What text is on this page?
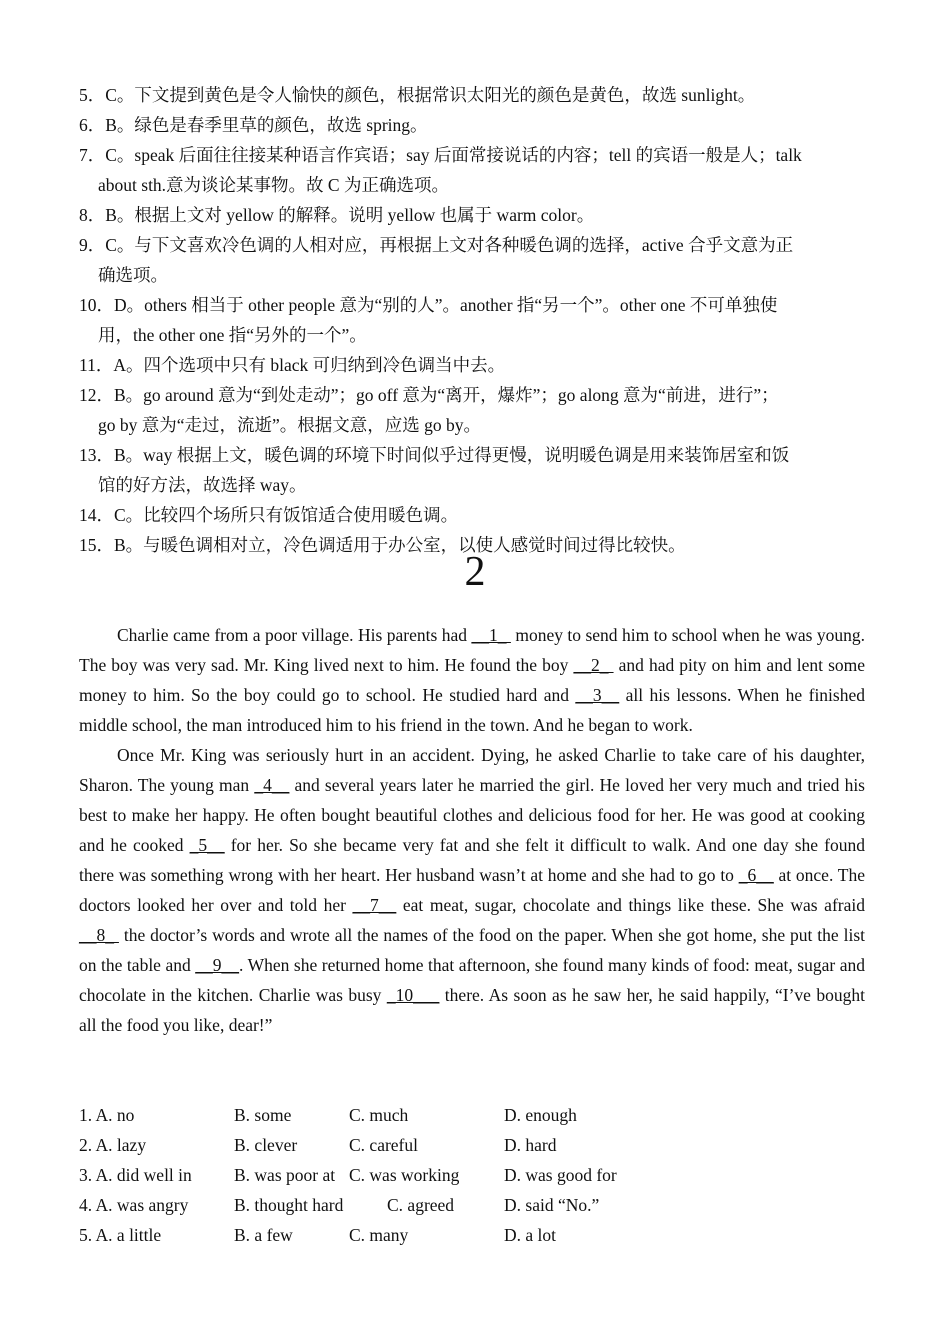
5．C。下文提到黄色是令人愉快的颜色，根据常识太阳光的颜色是黄色，故选 sunlight。
6．B。绿色是春季里草的颜色，故选 spring。
7．C。speak 后面往往接某种语言作宾语；say 后面常接说话的内容；tell 的宾语一般是人；talk
about sth.意为谈论某事物。故 C 为正确选项。
8．B。根据上文对 yellow 的解释。说明 yellow 也属于 warm color。
9．C。与下文喜欢冷色调的人相对应，再根据上文对各种暖色调的选择，active 合乎文意为正
确选项。
10．D。others 相当于 other people 意为“别的人”。another 指“另一个”。other one 不可单独使
用，the other one 指“另外的一个”。
11．A。四个选项中只有 black 可归纳到冷色调当中去。
12．B。go around 意为“到处走动”；go off 意为“离开，爆炸”；go along 意为“前进，进行”；
go by 意为“走过，流逝”。根据文意，应选 go by。
13．B。way 根据上文，暖色调的环境下时间似乎过得更慢，说明暖色调是用来装饰居室和饭
馆的好方法，故选择 way。
14．C。比较四个场所只有饭馆适合使用暖色调。
15．B。与暖色调相对立，冷色调适用于办公室，以使人感觉时间过得比较快。
2

Charlie came from a poor village. His parents had __1_  money to send him to school when he was young. The boy was very sad. Mr. King lived next to him. He found the boy __2_  and had pity on him and lent some money to him. So the boy could go to school. He studied hard and __3__ all his lessons. When he finished middle school, the man introduced him to his friend in the town. And he began to work.

Once Mr. King was seriously hurt in an accident. Dying, he asked Charlie to take care of his daughter, Sharon. The young man _4__ and several years later he married the girl. He loved her very much and tried his best to make her happy. He often bought beautiful clothes and delicious food for her. He was good at cooking and he cooked _5__ for her. So she became very fat and she felt it difficult to walk. And one day she found there was something wrong with her heart. Her husband wasn’t at home and she had to go to _6__ at once. The doctors looked her over and told her __7__ eat meat, sugar, chocolate and things like these. She was afraid __8_  the doctor’s words and wrote all the names of the food on the paper. When she got home, she put the list on the table and __9__. When she returned home that afternoon, she found many kinds of food: meat, sugar and chocolate in the kitchen. Charlie was busy _10___ there. As soon as he saw her, he said happily, “I’ve bought all the food you like, dear!”

1. A. no	B. some	C. much	D. enough
2. A. lazy	B. clever	C. careful	D. hard
3. A. did well in B. was poor at C. was working	D. was good for
4. A. was angry	B. thought hard C. agreed	D. said “No.”
5. A. a little	B. a few	C. many	D. a lot
